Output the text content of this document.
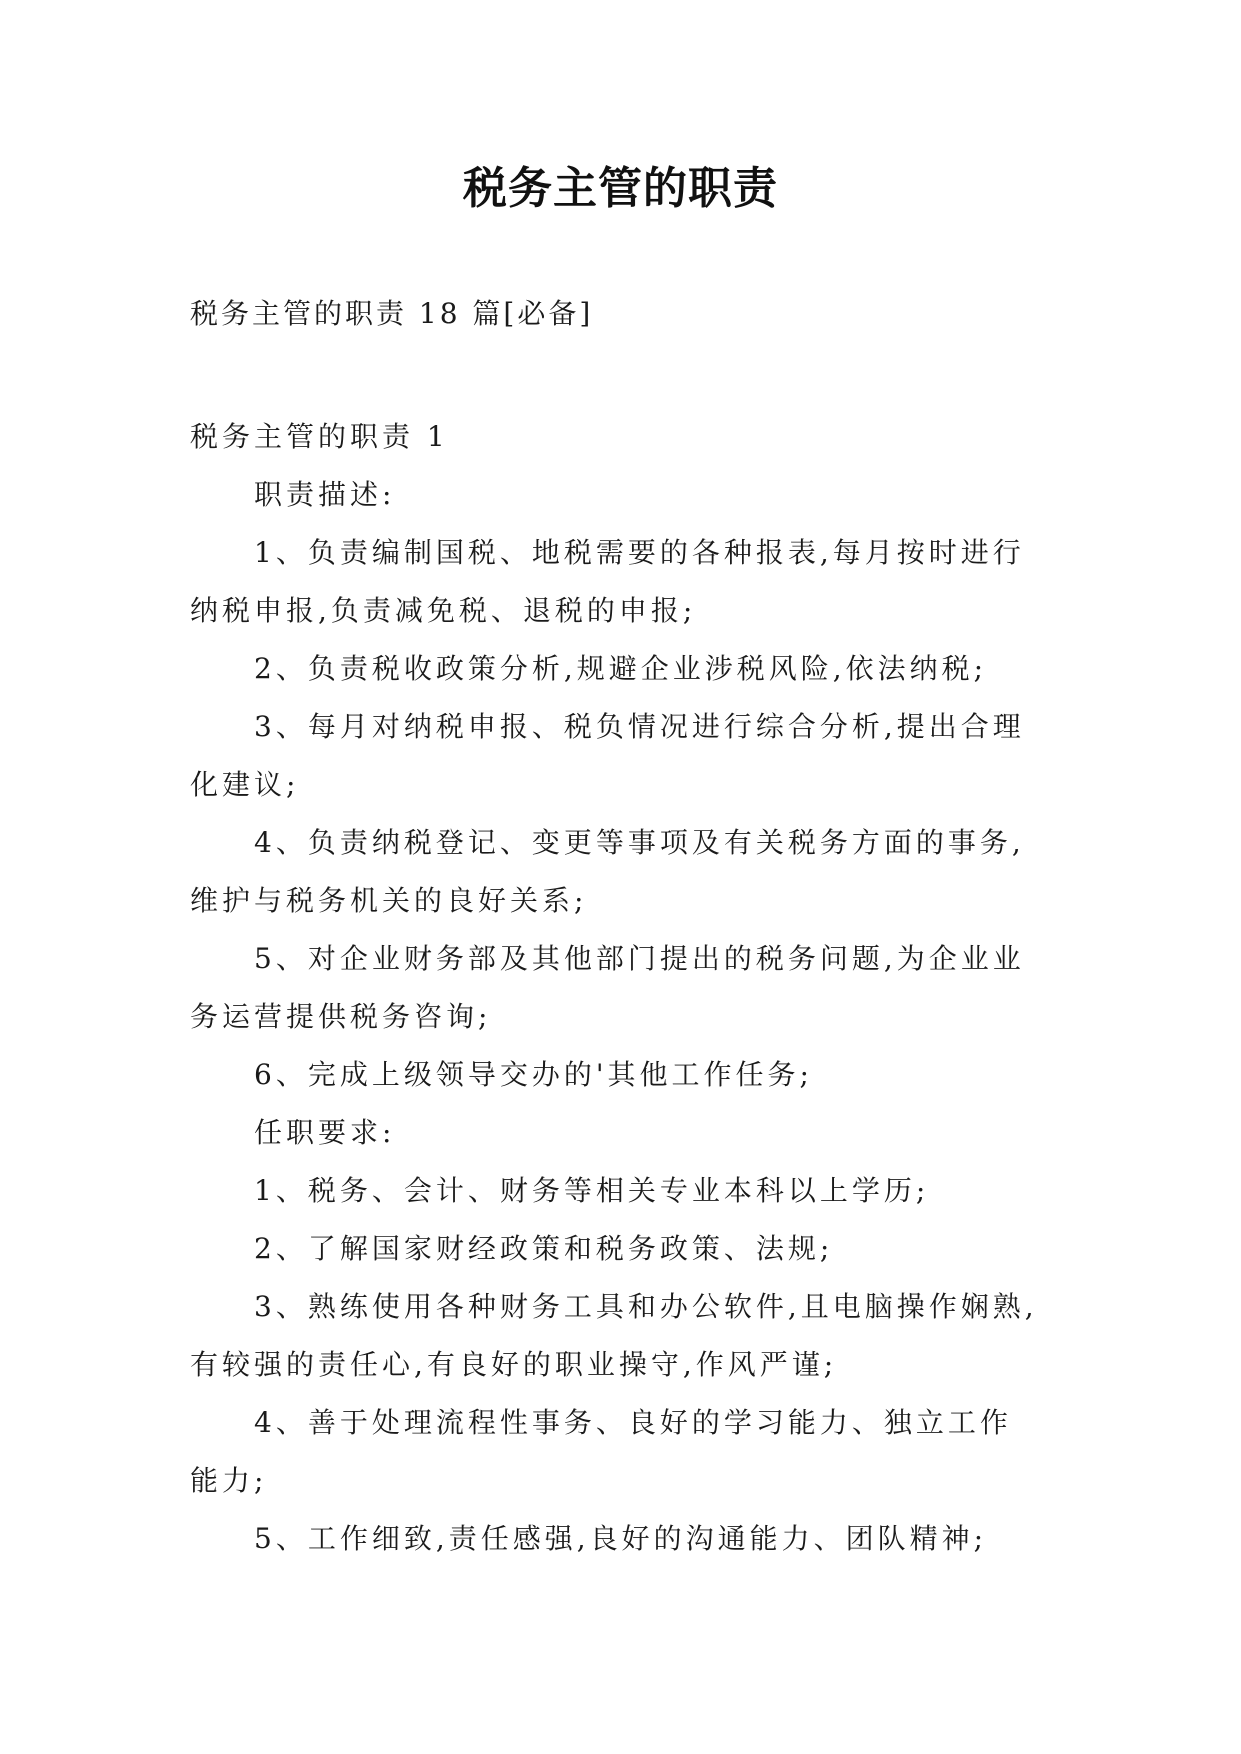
税务主管的职责
税务主管的职责 18 篇[必备]
税务主管的职责 1
职责描述:
1、负责编制国税、地税需要的各种报表,每月按时进行
纳税申报,负责减免税、退税的申报;
2、负责税收政策分析,规避企业涉税风险,依法纳税;
3、每月对纳税申报、税负情况进行综合分析,提出合理
化建议;
4、负责纳税登记、变更等事项及有关税务方面的事务,
维护与税务机关的良好关系;
5、对企业财务部及其他部门提出的税务问题,为企业业
务运营提供税务咨询;
6、完成上级领导交办的'其他工作任务;
任职要求:
1、税务、会计、财务等相关专业本科以上学历;
2、了解国家财经政策和税务政策、法规;
3、熟练使用各种财务工具和办公软件,且电脑操作娴熟,
有较强的责任心,有良好的职业操守,作风严谨;
4、善于处理流程性事务、良好的学习能力、独立工作
能力;
5、工作细致,责任感强,良好的沟通能力、团队精神;
